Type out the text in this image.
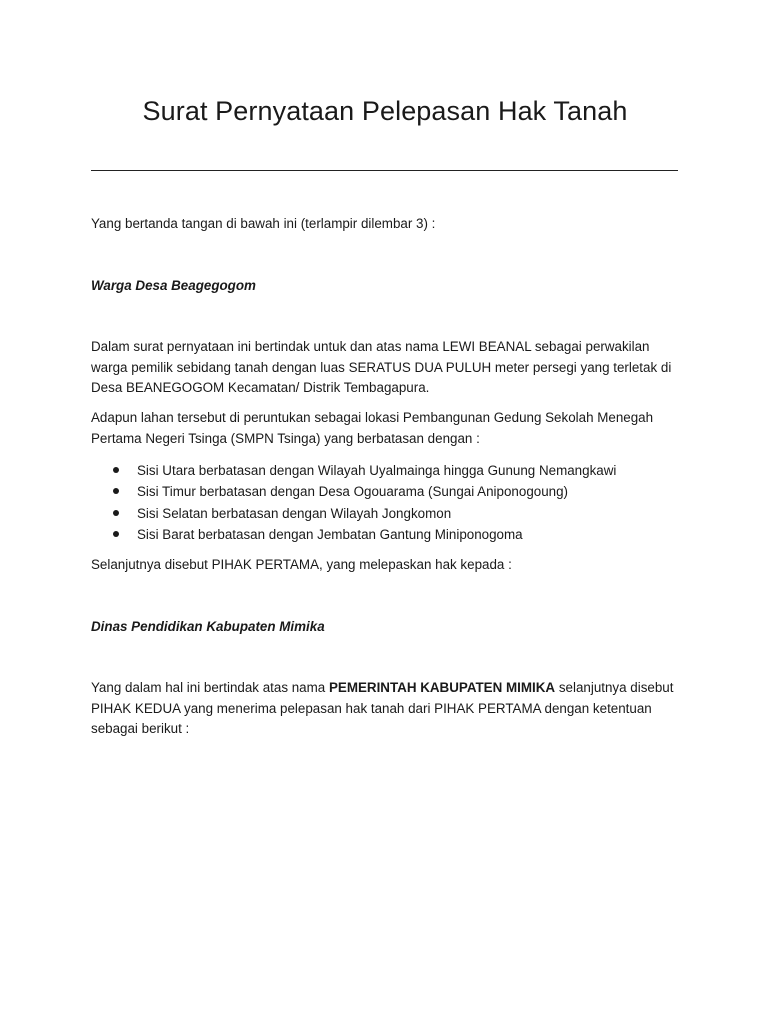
Surat Pernyataan Pelepasan Hak Tanah

Yang bertanda tangan di bawah ini (terlampir dilembar 3) :

Warga Desa Beagegogom

Dalam surat pernyataan ini bertindak untuk dan atas nama LEWI BEANAL sebagai perwakilan
warga pemilik sebidang tanah dengan luas SERATUS DUA PULUH meter persegi yang terletak di
Desa BEANEGOGOM Kecamatan/ Distrik Tembagapura.
Adapun lahan tersebut di peruntukan sebagai lokasi Pembangunan Gedung Sekolah Menegah
Pertama Negeri Tsinga (SMPN Tsinga) yang berbatasan dengan :
Sisi Utara berbatasan dengan Wilayah Uyalmainga hingga Gunung Nemangkawi
Sisi Timur berbatasan dengan Desa Ogouarama (Sungai Aniponogoung)
Sisi Selatan berbatasan dengan Wilayah Jongkomon
Sisi Barat berbatasan dengan Jembatan Gantung Miniponogoma

Selanjutnya disebut PIHAK PERTAMA, yang melepaskan hak kepada :

Dinas Pendidikan Kabupaten Mimika

Yang dalam hal ini bertindak atas nama PEMERINTAH KABUPATEN MIMIKA selanjutnya disebut
PIHAK KEDUA yang menerima pelepasan hak tanah dari PIHAK PERTAMA dengan ketentuan
sebagai berikut :
